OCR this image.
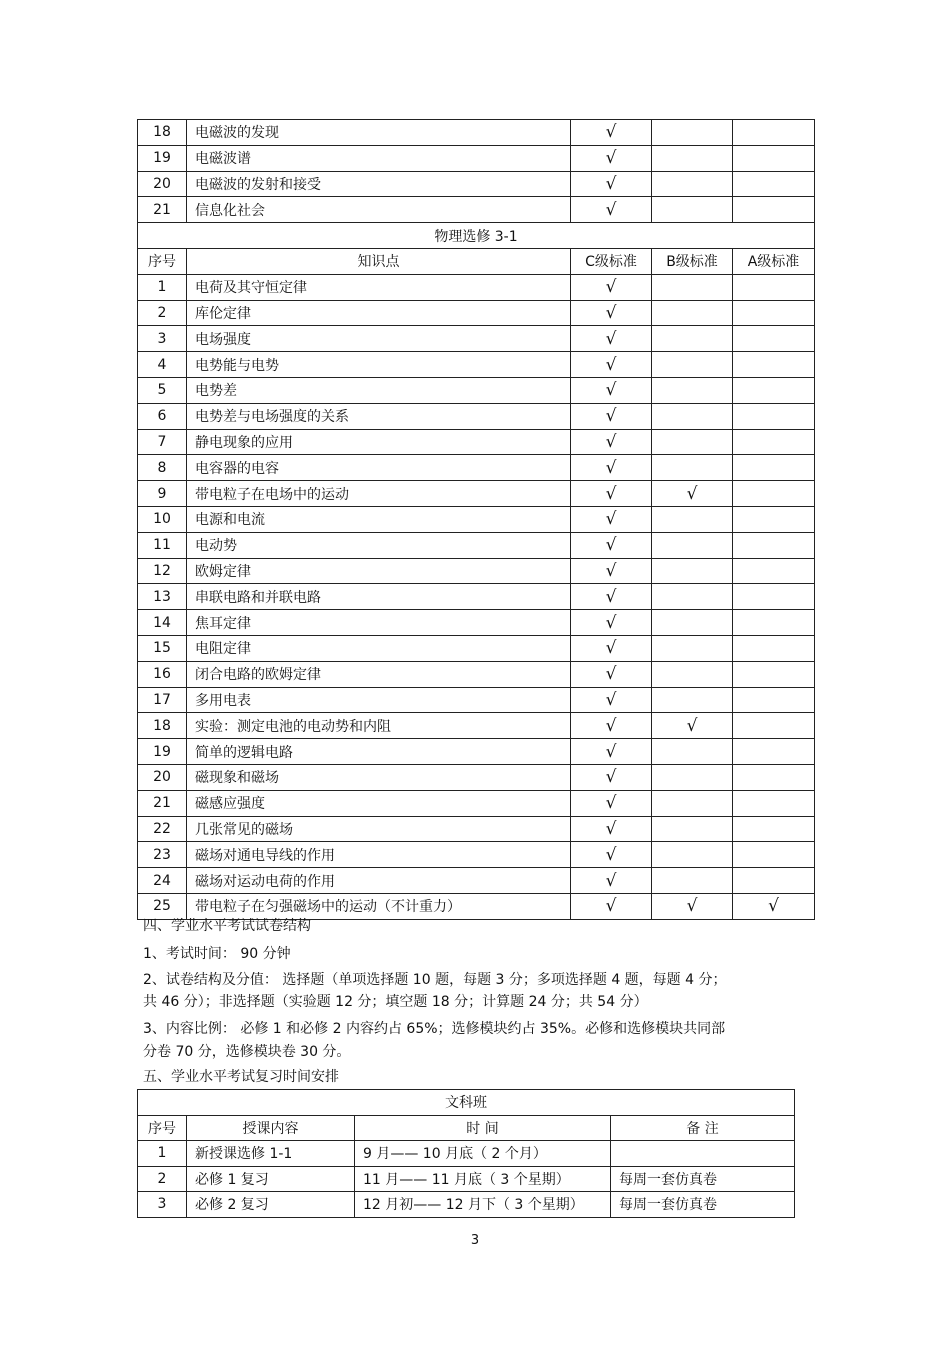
18	电磁波的发现	√		
19	电磁波谱	√		
20	电磁波的发射和接受	√		
21	信息化社会	√		
物理选修 3-1				
序号	知识点	C级标准	B级标准	A级标准
1	电荷及其守恒定律	√		
2	库伦定律	√		
3	电场强度	√		
4	电势能与电势	√		
5	电势差	√		
6	电势差与电场强度的关系	√		
7	静电现象的应用	√		
8	电容器的电容	√		
9	带电粒子在电场中的运动	√	√	
10	电源和电流	√		
11	电动势	√		
12	欧姆定律	√		
13	串联电路和并联电路	√		
14	焦耳定律	√		
15	电阻定律	√		
16	闭合电路的欧姆定律	√		
17	多用电表	√		
18	实验：测定电池的电动势和内阻	√	√	
19	简单的逻辑电路	√		
20	磁现象和磁场	√		
21	磁感应强度	√		
22	几张常见的磁场	√		
23	磁场对通电导线的作用	√		
24	磁场对运动电荷的作用	√		
25	带电粒子在匀强磁场中的运动（不计重力）	√	√	√
四、学业水平考试试卷结构
1、考试时间： 90 分钟
2、试卷结构及分值： 选择题（单项选择题 10 题，每题 3 分；多项选择题 4 题，每题 4 分；
共 46 分）；非选择题（实验题 12 分；填空题 18 分；计算题 24 分；共 54 分）
3、内容比例： 必修 1 和必修 2 内容约占 65%；选修模块约占 35%。必修和选修模块共同部
分卷 70 分，选修模块卷 30 分。
五、学业水平考试复习时间安排
文科班			
序号	授课内容	时 间	备 注
1	新授课选修 1-1	9 月—— 10 月底（ 2 个月）	
2	必修 1 复习	11 月—— 11 月底（ 3 个星期）	每周一套仿真卷
3	必修 2 复习	12 月初—— 12 月下（ 3 个星期）	每周一套仿真卷
3
